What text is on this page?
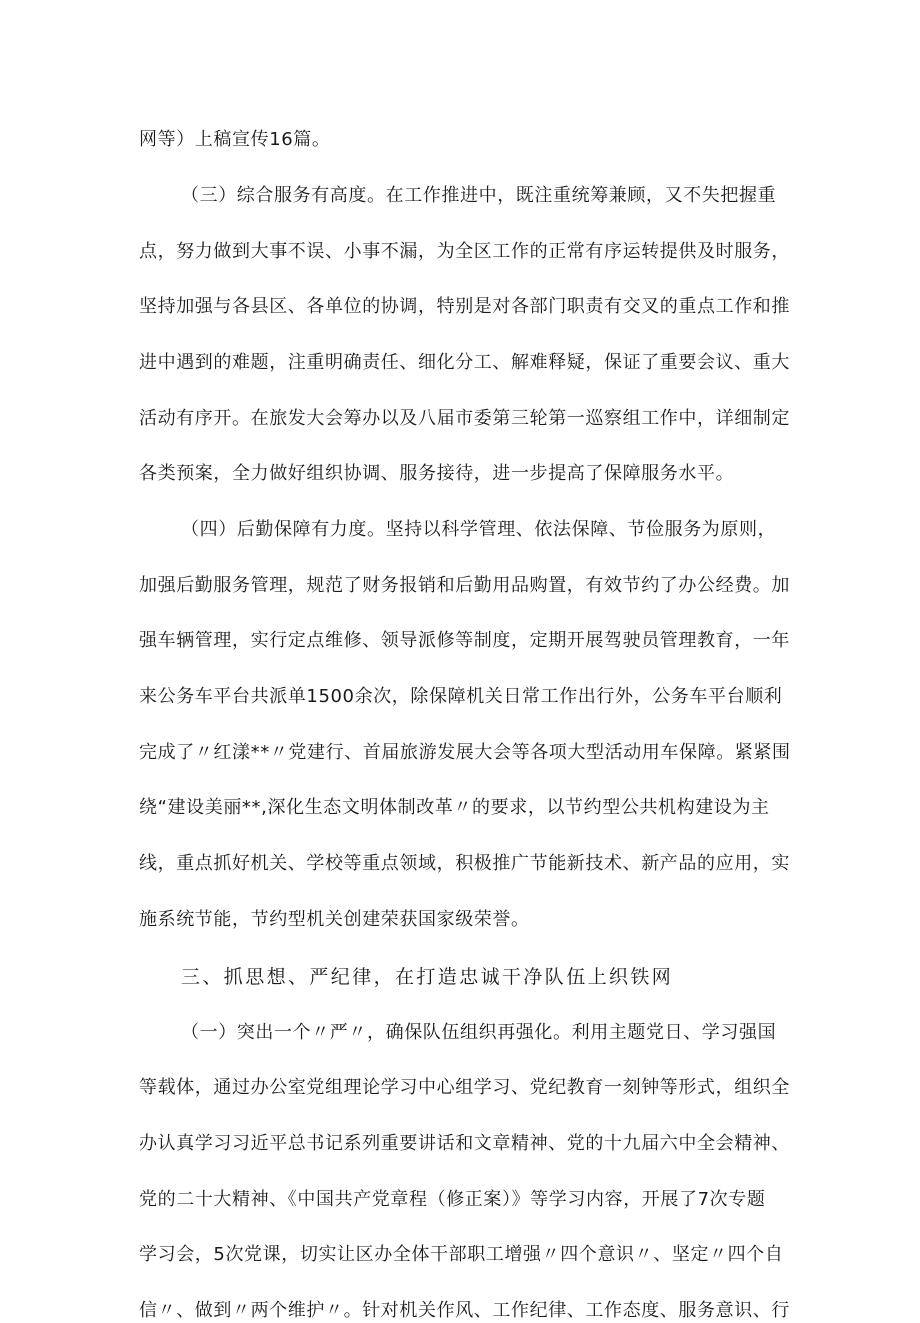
网等）上稿宣传16篇。
（三）综合服务有高度。在工作推进中，既注重统筹兼顾，又不失把握重
点，努力做到大事不误、小事不漏，为全区工作的正常有序运转提供及时服务，
坚持加强与各县区、各单位的协调，特别是对各部门职责有交叉的重点工作和推
进中遇到的难题，注重明确责任、细化分工、解难释疑，保证了重要会议、重大
活动有序开。在旅发大会筹办以及八届市委第三轮第一巡察组工作中，详细制定
各类预案，全力做好组织协调、服务接待，进一步提高了保障服务水平。
（四）后勤保障有力度。坚持以科学管理、依法保障、节俭服务为原则，
加强后勤服务管理，规范了财务报销和后勤用品购置，有效节约了办公经费。加
强车辆管理，实行定点维修、领导派修等制度，定期开展驾驶员管理教育，一年
来公务车平台共派单1500余次，除保障机关日常工作出行外，公务车平台顺利
完成了〃红漾**〃党建行、首届旅游发展大会等各项大型活动用车保障。紧紧围
绕“建设美丽**,深化生态文明体制改革〃的要求，以节约型公共机构建设为主
线，重点抓好机关、学校等重点领域，积极推广节能新技术、新产品的应用，实
施系统节能，节约型机关创建荣获国家级荣誉。
三、抓思想、严纪律，在打造忠诚干净队伍上织铁网
（一）突出一个〃严〃，确保队伍组织再强化。利用主题党日、学习强国
等载体，通过办公室党组理论学习中心组学习、党纪教育一刻钟等形式，组织全
办认真学习习近平总书记系列重要讲话和文章精神、党的十九届六中全会精神、
党的二十大精神、《中国共产党章程（修正案）》等学习内容，开展了7次专题
学习会，5次党课，切实让区办全体干部职工增强〃四个意识〃、坚定〃四个自
信〃、做到〃两个维护〃。针对机关作风、工作纪律、工作态度、服务意识、行
